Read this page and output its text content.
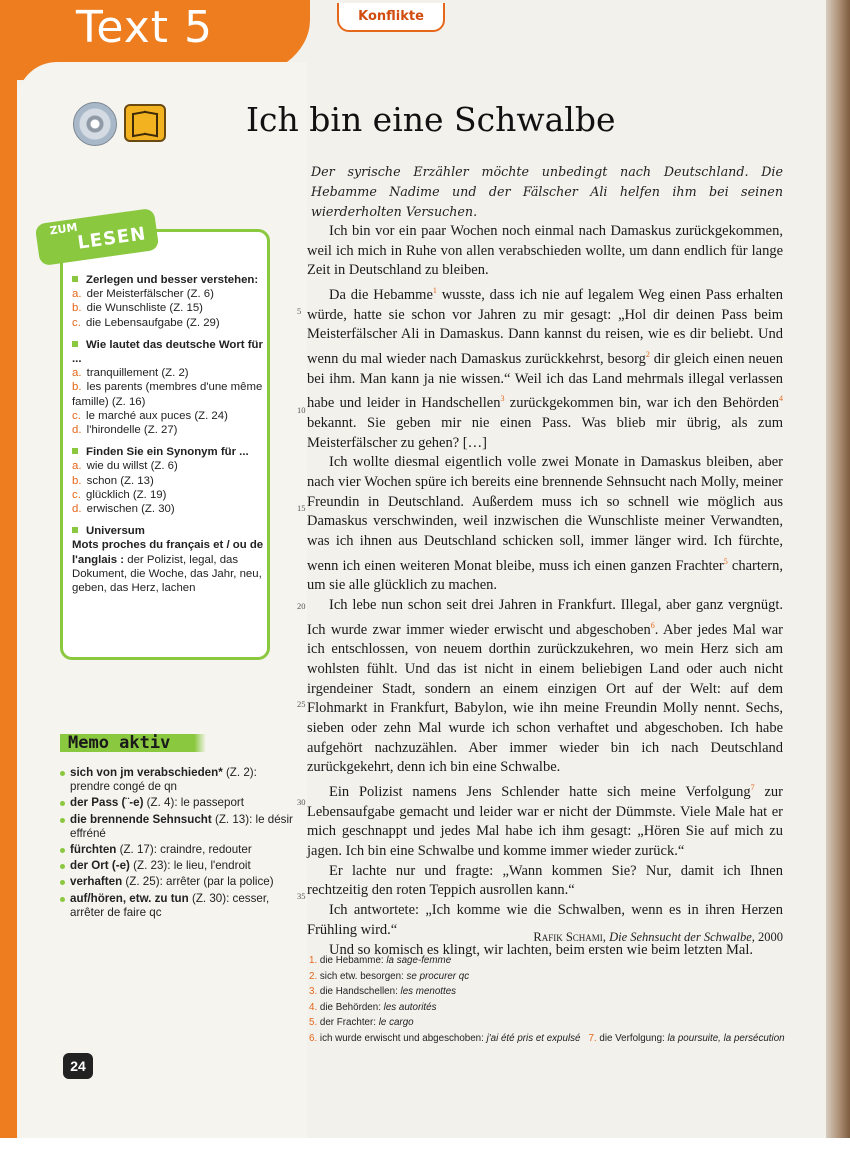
Text 5	Konflikte
Ich bin eine Schwalbe
Der syrische Erzähler möchte unbedingt nach Deutschland. Die Hebamme Nadime und der Fälscher Ali helfen ihm bei seinen wierderholten Versuchen.

Ich bin vor ein paar Wochen noch einmal nach Damaskus zurückgekommen, weil ich mich in Ruhe von allen verabschieden wollte, um dann endlich für lange Zeit in Deutschland zu bleiben.

Da die Hebamme$^1$ wusste, dass ich nie auf legalem Weg einen Pass erhalten würde, hatte sie schon vor Jahren zu mir gesagt: „Hol dir deinen Pass beim Meisterfälscher Ali in Damaskus. Dann kannst du reisen, wie es dir beliebt. Und wenn du mal wieder nach Damaskus zurückkehrst, besorg$^2$ dir gleich einen neuen bei ihm. Man kann ja nie wissen.“ Weil ich das Land mehrmals illegal verlassen habe und leider in Handschellen$^3$ zurückgekommen bin, war ich den Behörden$^4$ bekannt. Sie geben mir nie einen Pass. Was blieb mir übrig, als zum Meisterfälscher zu gehen? […]

Ich wollte diesmal eigentlich volle zwei Monate in Damaskus bleiben, aber nach vier Wochen spüre ich bereits eine brennende Sehnsucht nach Molly, meiner Freundin in Deutschland. Außerdem muss ich so schnell wie möglich aus Damaskus verschwinden, weil inzwischen die Wunschliste meiner Verwandten, was ich ihnen aus Deutschland schicken soll, immer länger wird. Ich fürchte, wenn ich einen weiteren Monat bleibe, muss ich einen ganzen Frachter$^5$ chartern, um sie alle glücklich zu machen.

Ich lebe nun schon seit drei Jahren in Frankfurt. Illegal, aber ganz vergnügt. Ich wurde zwar immer wieder erwischt und abgeschoben$^6$. Aber jedes Mal war ich entschlossen, von neuem dorthin zurückzukehren, wo mein Herz sich am wohlsten fühlt. Und das ist nicht in einem beliebigen Land oder auch nicht irgendeiner Stadt, sondern an einem einzigen Ort auf der Welt: auf dem Flohmarkt in Frankfurt, Babylon, wie ihn meine Freundin Molly nennt. Sechs, sieben oder zehn Mal wurde ich schon verhaftet und abgeschoben. Ich habe aufgehört nachzuzählen. Aber immer wieder bin ich nach Deutschland zurückgekehrt, denn ich bin eine Schwalbe.

Ein Polizist namens Jens Schlender hatte sich meine Verfolgung$^7$ zur Lebensaufgabe gemacht und leider war er nicht der Dümmste. Viele Male hat er mich geschnappt und jedes Mal habe ich ihm gesagt: „Hören Sie auf mich zu jagen. Ich bin eine Schwalbe und komme immer wieder zurück.“

Er lachte nur und fragte: „Wann kommen Sie? Nur, damit ich Ihnen rechtzeitig den roten Teppich ausrollen kann.“

Ich antwortete: „Ich komme wie die Schwalben, wenn es in ihren Herzen Frühling wird.“

Und so komisch es klingt, wir lachten, beim ersten wie beim letzten Mal.

5
10
15
20
25
30
35
Rafik Schami, Die Sehnsucht der Schwalbe, 2000
1. die Hebamme: la sage-femme
2. sich etw. besorgen: se procurer qc
3. die Handschellen: les menottes
4. die Behörden: les autorités
5. der Frachter: le cargo
6. ich wurde erwischt und abgeschoben: j'ai été pris et expulsé 7. die Verfolgung: la poursuite, la persécution
ZUM
LESEN
Zerlegen und besser verstehen:
a. der Meisterfälscher (Z. 6)
b. die Wunschliste (Z. 15)
c. die Lebensaufgabe (Z. 29)
Wie lautet das deutsche Wort für ...
a. tranquillement (Z. 2)
b. les parents (membres d'une même famille) (Z. 16)
c. le marché aux puces (Z. 24)
d. l'hirondelle (Z. 27)
Finden Sie ein Synonym für ...
a. wie du willst (Z. 6)
b. schon (Z. 13)
c. glücklich (Z. 19)
d. erwischen (Z. 30)
Universum
Mots proches du français et / ou de l'anglais : der Polizist, legal, das Dokument, die Woche, das Jahr, neu, geben, das Herz, lachen
Memo aktiv
sich von jm verabschieden* (Z. 2): prendre congé de qn
der Pass (¨-e) (Z. 4): le passeport
die brennende Sehnsucht (Z. 13): le désir effréné
fürchten (Z. 17): craindre, redouter
der Ort (-e) (Z. 23): le lieu, l'endroit
verhaften (Z. 25): arrêter (par la police)
auf/hören, etw. zu tun (Z. 30): cesser, arrêter de faire qc
24
